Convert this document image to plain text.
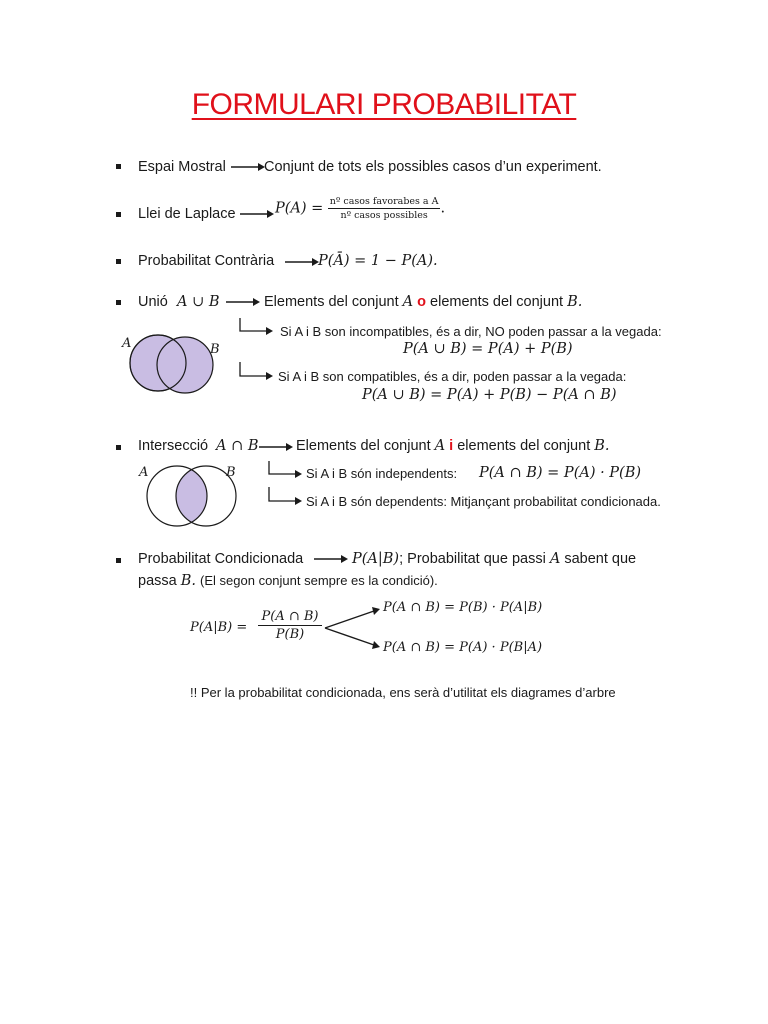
FORMULARI PROBABILITAT
Espai Mostral	Conjunt de tots els possibles casos d’un experiment.
Llei de Laplace	$P(A) = \frac{\text{nº casos favorabes a A}}{\text{nº casos possibles}}$ .
Probabilitat Contrària	P(Ā) = 1 − P(A).
Unió A ∪ B	Elements del conjunt A o elements del conjunt B.
A	B
Si A i B son incompatibles, és a dir, NO poden passar a la vegada:
P(A ∪ B) = P(A) + P(B)
Si A i B son compatibles, és a dir, poden passar a la vegada:
P(A ∪ B) = P(A) + P(B) − P(A ∩ B)
Intersecció A ∩ B	Elements del conjunt A i elements del conjunt B.
A	B	Si A i B són independents: P(A ∩ B) = P(A) · P(B)
Si A i B són dependents: Mitjançant probabilitat condicionada.
Probabilitat Condicionada	P(A|B); Probabilitat que passi A sabent que
passa B. (El segon conjunt sempre es la condició).
$P(A|B) = \frac{P(A \cap B)}{P(B)}$
P(A ∩ B) = P(B) · P(A|B)
P(A ∩ B) = P(A) · P(B|A)
!! Per la probabilitat condicionada, ens serà d’utilitat els diagrames d’arbre
